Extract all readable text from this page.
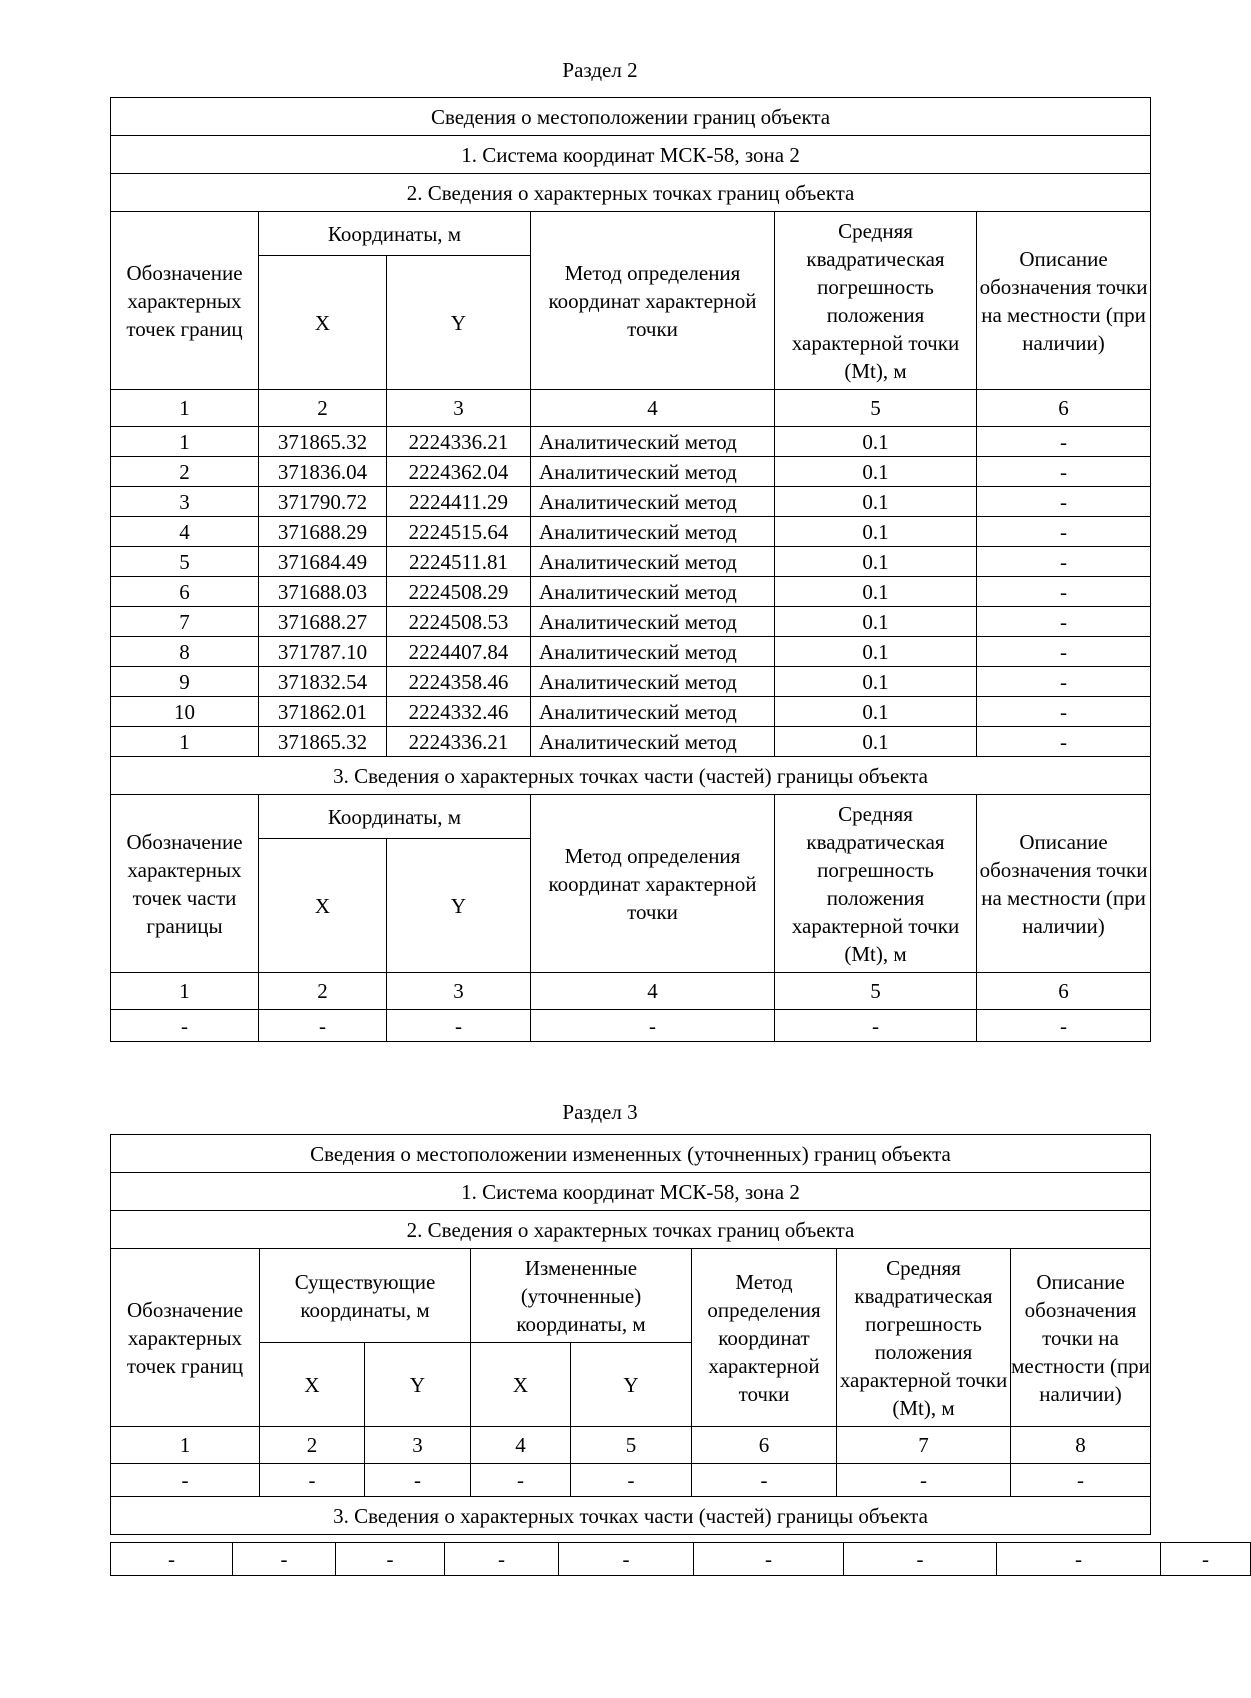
Раздел 2
Сведения о местоположении границ объекта					
1. Система координат МСК-58, зона 2					
2. Сведения о характерных точках границ объекта					
Обозначение характерных точек границ	Координаты, м		Метод определения координат характерной точки	Средняя квадратическая погрешность положения характерной точки (Mt), м	Описание обозначения точки на местности (при наличии)
	X	Y			
1	2	3	4	5	6
1	371865.32	2224336.21	Аналитический метод	0.1	-
2	371836.04	2224362.04	Аналитический метод	0.1	-
3	371790.72	2224411.29	Аналитический метод	0.1	-
4	371688.29	2224515.64	Аналитический метод	0.1	-
5	371684.49	2224511.81	Аналитический метод	0.1	-
6	371688.03	2224508.29	Аналитический метод	0.1	-
7	371688.27	2224508.53	Аналитический метод	0.1	-
8	371787.10	2224407.84	Аналитический метод	0.1	-
9	371832.54	2224358.46	Аналитический метод	0.1	-
10	371862.01	2224332.46	Аналитический метод	0.1	-
1	371865.32	2224336.21	Аналитический метод	0.1	-
3. Сведения о характерных точках части (частей) границы объекта					
Обозначение характерных точек части границы	Координаты, м		Метод определения координат характерной точки	Средняя квадратическая погрешность положения характерной точки (Mt), м	Описание обозначения точки на местности (при наличии)
	X	Y			
1	2	3	4	5	6
-	-	-	-	-	-
Раздел 3
Сведения о местоположении измененных (уточненных) границ объекта							
1. Система координат МСК-58, зона 2							
2. Сведения о характерных точках границ объекта							
Обозначение характерных точек границ	Существующие координаты, м		Измененные (уточненные) координаты, м		Метод определения координат характерной точки	Средняя квадратическая погрешность положения характерной точки (Mt), м	Описание обозначения точки на местности (при наличии)
	X	Y	X	Y			
1	2	3	4	5	6	7	8
-	-	-	-	-	-	-	-
3. Сведения о характерных точках части (частей) границы объекта							
-	-	-	-	-	-	-	-	-
